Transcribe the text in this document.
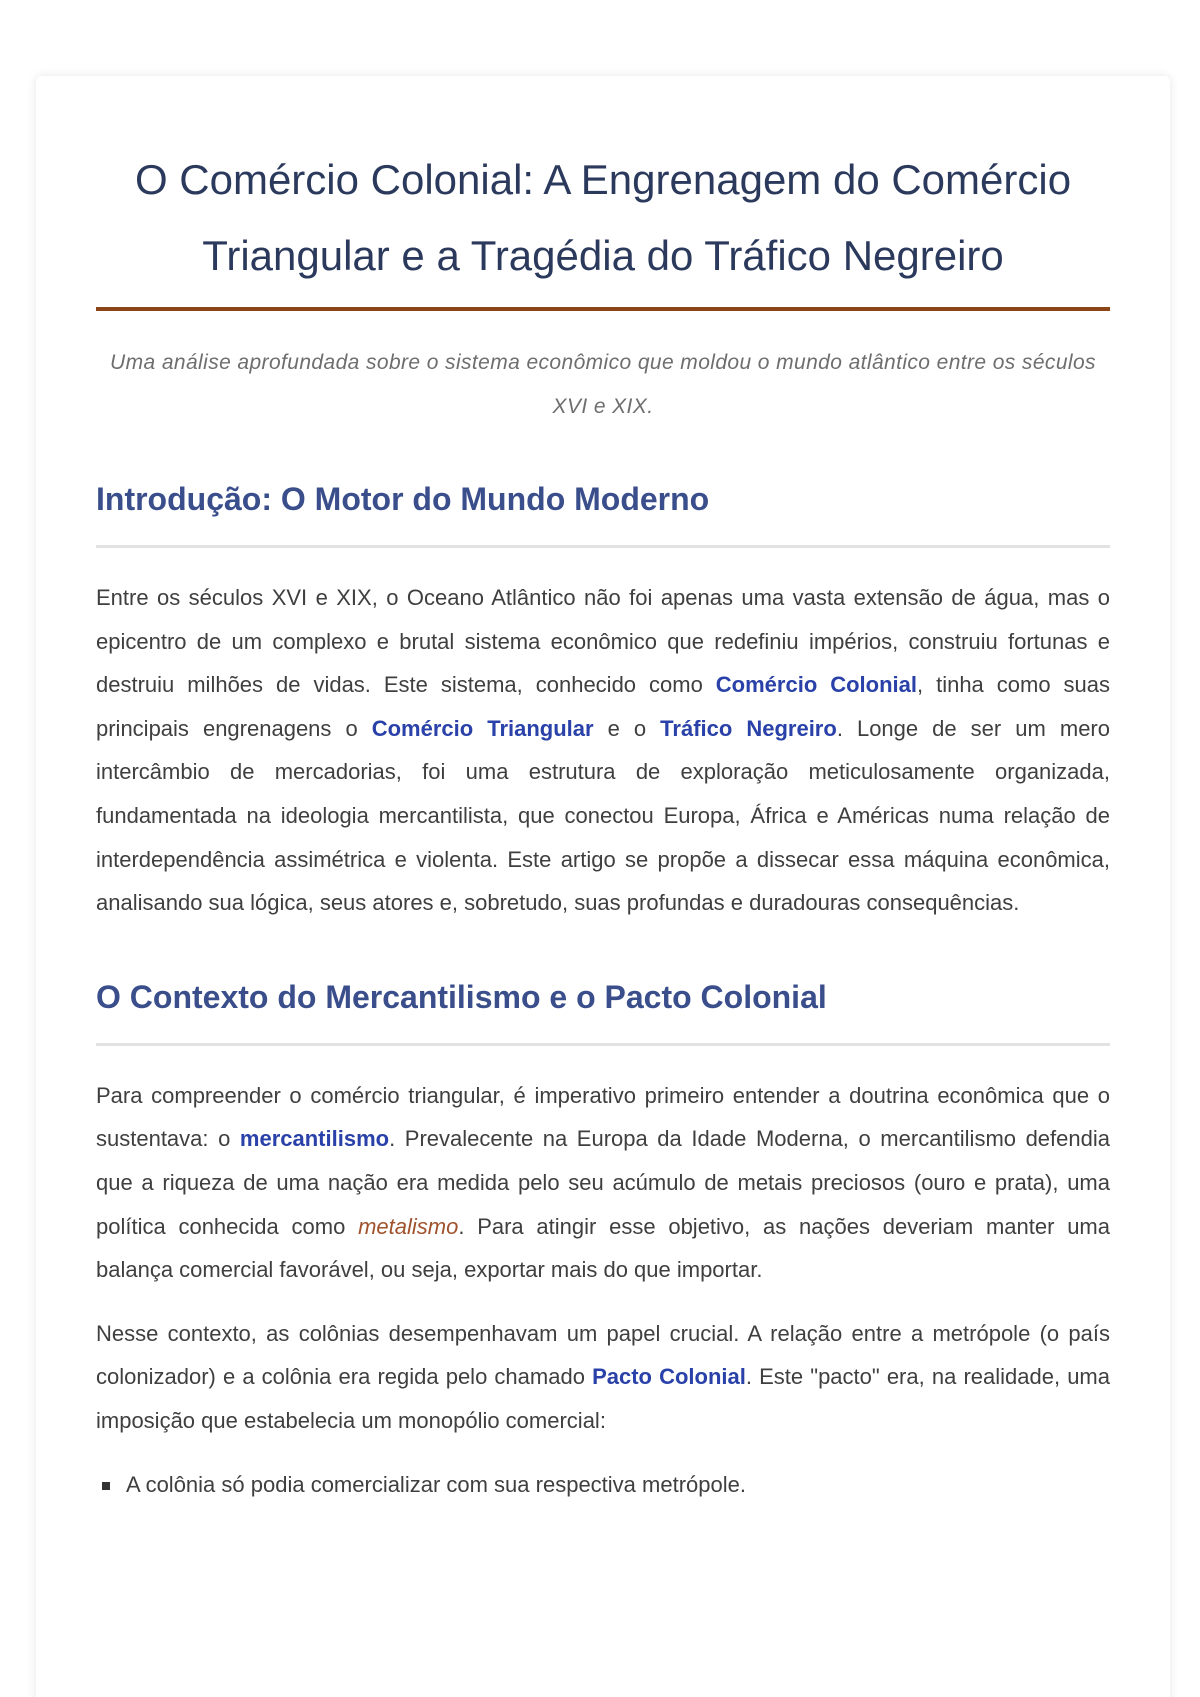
O Comércio Colonial: A Engrenagem do Comércio
Triangular e a Tragédia do Tráfico Negreiro

Uma análise aprofundada sobre o sistema econômico que moldou o mundo atlântico entre os séculos XVI e XIX.

Introdução: O Motor do Mundo Moderno

Entre os séculos XVI e XIX, o Oceano Atlântico não foi apenas uma vasta extensão de água, mas o epicentro de um complexo e brutal sistema econômico que redefiniu impérios, construiu fortunas e destruiu milhões de vidas. Este sistema, conhecido como Comércio Colonial, tinha como suas principais engrenagens o Comércio Triangular e o Tráfico Negreiro. Longe de ser um mero intercâmbio de mercadorias, foi uma estrutura de exploração meticulosamente organizada, fundamentada na ideologia mercantilista, que conectou Europa, África e Américas numa relação de interdependência assimétrica e violenta. Este artigo se propõe a dissecar essa máquina econômica, analisando sua lógica, seus atores e, sobretudo, suas profundas e duradouras consequências.

O Contexto do Mercantilismo e o Pacto Colonial

Para compreender o comércio triangular, é imperativo primeiro entender a doutrina econômica que o sustentava: o mercantilismo. Prevalecente na Europa da Idade Moderna, o mercantilismo defendia que a riqueza de uma nação era medida pelo seu acúmulo de metais preciosos (ouro e prata), uma política conhecida como metalismo. Para atingir esse objetivo, as nações deveriam manter uma balança comercial favorável, ou seja, exportar mais do que importar.

Nesse contexto, as colônias desempenhavam um papel crucial. A relação entre a metrópole (o país colonizador) e a colônia era regida pelo chamado Pacto Colonial. Este "pacto" era, na realidade, uma imposição que estabelecia um monopólio comercial:

A colônia só podia comercializar com sua respectiva metrópole.
